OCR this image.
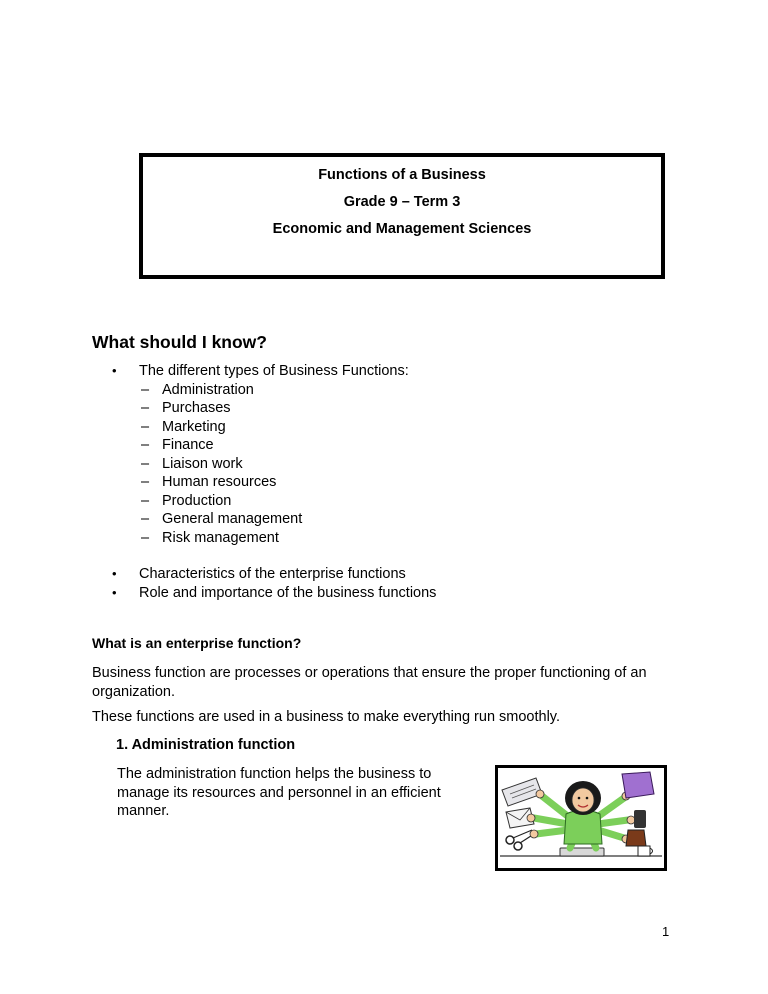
Functions of a Business
Grade 9 – Term 3
Economic and Management Sciences
What should I know?
•	The different types of Business Functions:
– Administration
– Purchases
– Marketing
– Finance
– Liaison work
– Human resources
– Production
– General management
– Risk management
•	Characteristics of the enterprise functions
•	Role and importance of the business functions
What is an enterprise function?
Business function are processes or operations that ensure the proper functioning of an organization.
These functions are used in a business to make everything run smoothly.
1. Administration function
The administration function helps the business to manage its resources and personnel in an efficient manner.
1
